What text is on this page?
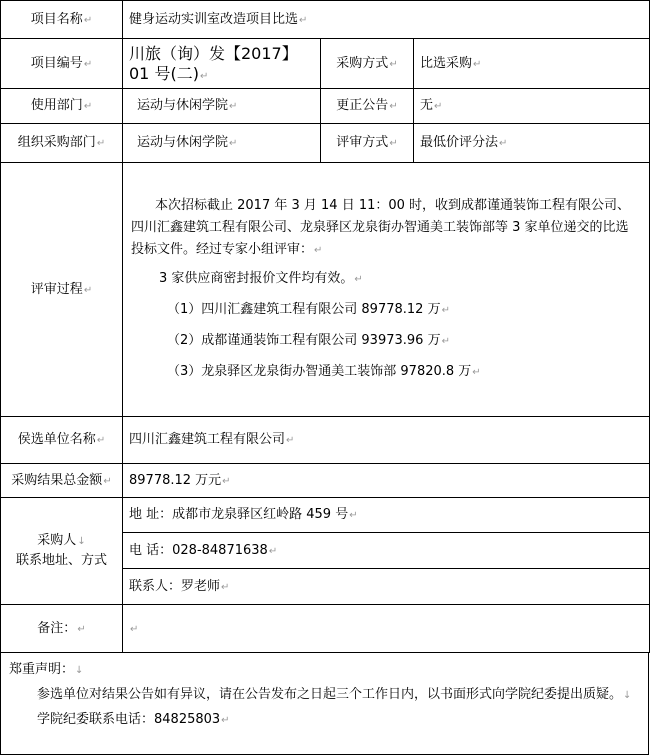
项目名称↵	健身运动实训室改造项目比选↵		
项目编号↵	川旅（询）发【2017】
01 号(二)↵	采购方式↵	比选采购↵
使用部门↵	运动与休闲学院↵	更正公告↵	无↵
组织采购部门↵	运动与休闲学院↵	评审方式↵	最低价评分法↵
评审过程↵	本次招标截止 2017 年 3 月 14 日 11：00 时，收到成都谨通装饰工程有限公司、四川汇鑫建筑工程有限公司、龙泉驿区龙泉街办智通美工装饰部等 3 家单位递交的比选投标文件。经过专家小组评审：↵

3 家供应商密封报价文件均有效。↵

（1）四川汇鑫建筑工程有限公司 89778.12 万↵

（2）成都谨通装饰工程有限公司 93973.96 万↵

（3）龙泉驿区龙泉街办智通美工装饰部 97820.8 万↵		

侯选单位名称↵	四川汇鑫建筑工程有限公司↵		
采购结果总金额↵	89778.12 万元↵		

采购人↓
联系地址、方式	地 址：成都市龙泉驿区红岭路 459 号↵		
	电 话：028-84871638↵		
	联系人：罗老师↵		
备注：↵	↵		

郑重声明：↓

参选单位对结果公告如有异议，请在公告发布之日起三个工作日内，以书面形式向学院纪委提出质疑。↓

学院纪委联系电话：84825803↵
